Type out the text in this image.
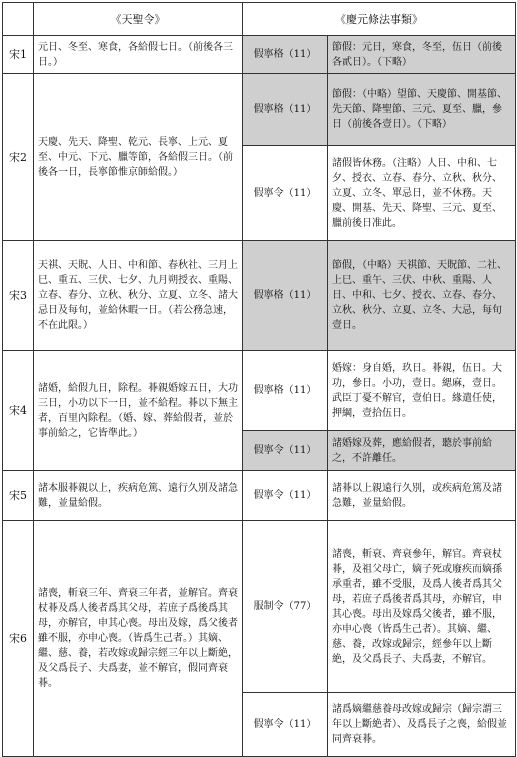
	《天聖令》	《慶元條法事類》	
宋1	元日、冬至、寒食，各給假七日。（前後各三日。）	假寧格（11）	節假：元日，寒食，冬至，伍日（前後各貳日）。（下略）
宋2	天慶、先天、降聖、乾元、長寧、上元、夏至、中元、下元、臘等節，各給假三日。（前後各一日，長寧節惟京師給假。）	假寧格（11）	節假：（中略）望節、天慶節、開基節、先天節、降聖節、三元、夏至、臘，參日（前後各壹日）。（下略）
		假寧令（11）	諸假皆休務。（注略）人日、中和、七夕、授衣、立春、春分、立秋、秋分、立夏、立冬、單忌日，並不休務。天慶、開基、先天、降聖、三元、夏至、臘前後日准此。
宋3	天祺、天貺、人日、中和節、春秋社、三月上巳、重五、三伏、七夕、九月朔授衣、重陽、立春、春分、立秋、秋分、立夏、立冬、諸大忌日及每旬，並給休暇一日。（若公務急速，不在此限。）	假寧格（11）	節假，（中略）天祺節、天貺節、二社、上巳、重午、三伏、中秋、重陽、人日、中和、七夕、授衣、立春、春分、立秋、秋分、立夏、立冬、大忌，每旬壹日。
宋4	諸婚，給假九日，除程。朞親婚嫁五日，大功三日，小功以下一日，並不給程。朞以下無主者，百里內除程。（婚、嫁、葬給假者，並於事前給之，它皆準此。）	假寧格（11）	婚嫁：身自婚，玖日。朞親，伍日。大功，參日。小功，壹日。緦麻，壹日。武臣丁憂不解官，壹伯日。緣遣任使，押綱，壹拾伍日。
		假寧令（11）	諸婚嫁及葬，應給假者，聽於事前給之，不許離任。
宋5	諸本服朞親以上，疾病危篤、遠行久別及諸急難，並量給假。	假寧令（11）	諸朞以上親遠行久別，或疾病危篤及諸急難，並量給假。
宋6	諸喪，斬衰三年、齊衰三年者，並解官。齊衰杖朞及爲人後者爲其父母，若庶子爲後爲其母，亦解官，申其心喪。母出及嫁，爲父後者雖不服，亦申心喪。（皆爲生己者。）其嫡、繼、慈、養，若改嫁或歸宗經三年以上斷絶，及父爲長子、夫爲妻，並不解官，假同齊衰朞。	服制令（77）	諸喪，斬衰、齊衰參年，解官。齊衰杖朞，及祖父母亡，嫡子死或廢疾而嫡孫承重者，雖不受服，及爲人後者爲其父母，若庶子爲後者爲其母，亦解官，申其心喪。母出及嫁爲父後者，雖不服，亦申心喪（皆爲生己者）。其嫡、繼、慈、養，改嫁或歸宗，經參年以上斷絶，及父爲長子、夫爲妻，不解官。
		假寧令（11）	諸爲嫡繼慈養母改嫁或歸宗（歸宗謂三年以上斷絶者）、及爲長子之喪，給假並同齊衰朞。
